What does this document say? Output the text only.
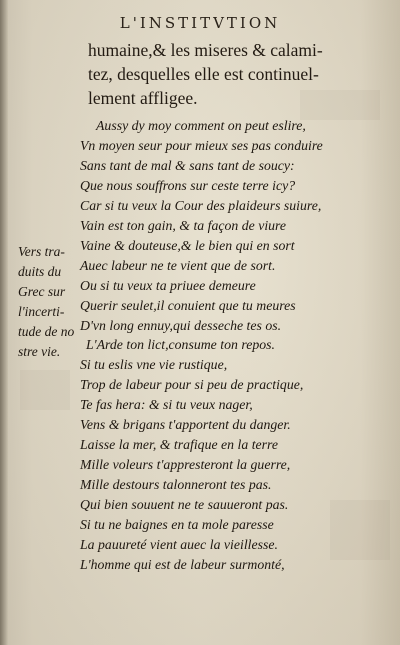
L'INSTITVTION
humaine,& les miseres & calami-
tez, desquelles elle est continuel-
lement affligee.
Aussy dy moy comment on peut eslire,
Vn moyen seur pour mieux ses pas conduire
Sans tant de mal & sans tant de soucy:
Que nous souffrons sur ceste terre icy?
Car si tu veux la Cour des plaideurs suiure,
Vain est ton gain, & ta façon de viure
Vaine & douteuse,& le bien qui en sort
Auec labeur ne te vient que de sort.
Ou si tu veux ta priuee demeure
Querir seulet,il conuient que tu meures
D'vn long ennuy,qui desseche tes os.
L'Arde ton lict,consume ton repos.
Si tu eslis vne vie rustique,
Trop de labeur pour si peu de practique,
Te fas hera: & si tu veux nager,
Vens & brigans t'apportent du danger.
Laisse la mer, & trafique en la terre
Mille voleurs t'appresteront la guerre,
Mille destours talonneront tes pas.
Qui bien souuent ne te sauueront pas.
Si tu ne baignes en ta mole paresse
La pauureté vient auec la vieillesse.
L'homme qui est de labeur surmonté,
Vers tra-
duits du
Grec sur
l'incerti-
tude de no
stre vie.
